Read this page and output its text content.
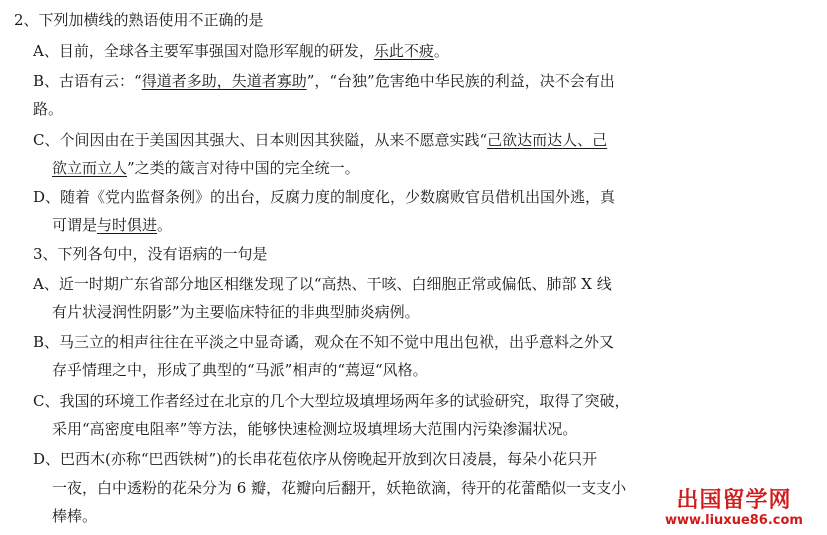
2、下列加横线的熟语使用不正确的是
A、目前，全球各主要军事强国对隐形军舰的研发，乐此不疲。
B、古语有云：“得道者多助，失道者寡助”，“台独”危害绝中华民族的利益，决不会有出
路。
C、个间因由在于美国因其强大、日本则因其狭隘，从来不愿意实践“己欲达而达人、己
欲立而立人”之类的箴言对待中国的完全统一。
D、随着《党内监督条例》的出台，反腐力度的制度化，少数腐败官员借机出国外逃，真
可谓是与时俱进。
3、下列各句中，没有语病的一句是
A、近一时期广东省部分地区相继发现了以“高热、干咳、白细胞正常或偏低、肺部 X 线
有片状浸润性阴影”为主要临床特征的非典型肺炎病例。
B、马三立的相声往往在平淡之中显奇谲，观众在不知不觉中甩出包袱，出乎意料之外又
存乎情理之中，形成了典型的“马派”相声的“蔫逗“风格。
C、我国的环境工作者经过在北京的几个大型垃圾填埋场两年多的试验研究，取得了突破，
采用“高密度电阻率”等方法，能够快速检测垃圾填埋场大范围内污染渗漏状况。
D、巴西木(亦称“巴西铁树”)的长串花苞依序从傍晚起开放到次日凌晨，每朵小花只开
一夜，白中透粉的花朵分为 6 瓣，花瓣向后翻开，妖艳欲滴，待开的花蕾酷似一支支小
棒棒。
出国留学网
www.liuxue86.com
